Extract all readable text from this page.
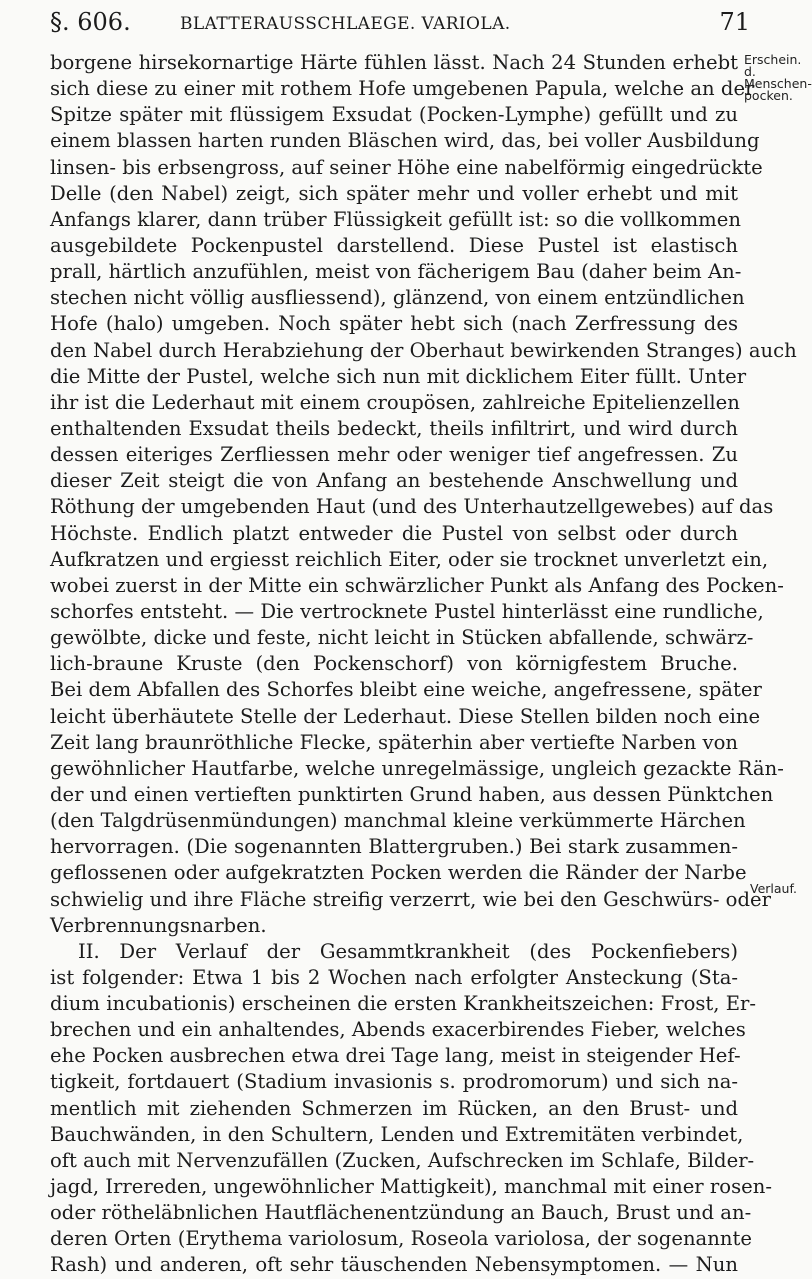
§. 606.	BLATTERAUSSCHLAEGE. VARIOLA.	71
Erschein. d.
Menschen-
pocken.
Verlauf.
borgene hirsekornartige Härte fühlen lässt. Nach 24 Stunden erhebt
sich diese zu einer mit rothem Hofe umgebenen Papula, welche an der
Spitze später mit flüssigem Exsudat (Pocken-Lymphe) gefüllt und zu
einem blassen harten runden Bläschen wird, das, bei voller Ausbildung
linsen- bis erbsengross, auf seiner Höhe eine nabelförmig eingedrückte
Delle (den Nabel) zeigt, sich später mehr und voller erhebt und mit
Anfangs klarer, dann trüber Flüssigkeit gefüllt ist: so die vollkommen
ausgebildete Pockenpustel darstellend. Diese Pustel ist elastisch
prall, härtlich anzufühlen, meist von fächerigem Bau (daher beim An-
stechen nicht völlig ausfliessend), glänzend, von einem entzündlichen
Hofe (halo) umgeben. Noch später hebt sich (nach Zerfressung des
den Nabel durch Herabziehung der Oberhaut bewirkenden Stranges) auch
die Mitte der Pustel, welche sich nun mit dicklichem Eiter füllt. Unter
ihr ist die Lederhaut mit einem croupösen, zahlreiche Epitelienzellen
enthaltenden Exsudat theils bedeckt, theils infiltrirt, und wird durch
dessen eiteriges Zerfliessen mehr oder weniger tief angefressen. Zu
dieser Zeit steigt die von Anfang an bestehende Anschwellung und
Röthung der umgebenden Haut (und des Unterhautzellgewebes) auf das
Höchste. Endlich platzt entweder die Pustel von selbst oder durch
Aufkratzen und ergiesst reichlich Eiter, oder sie trocknet unverletzt ein,
wobei zuerst in der Mitte ein schwärzlicher Punkt als Anfang des Pocken-
schorfes entsteht. — Die vertrocknete Pustel hinterlässt eine rundliche,
gewölbte, dicke und feste, nicht leicht in Stücken abfallende, schwärz-
lich-braune Kruste (den Pockenschorf) von körnigfestem Bruche.
Bei dem Abfallen des Schorfes bleibt eine weiche, angefressene, später
leicht überhäutete Stelle der Lederhaut. Diese Stellen bilden noch eine
Zeit lang braunröthliche Flecke, späterhin aber vertiefte Narben von
gewöhnlicher Hautfarbe, welche unregelmässige, ungleich gezackte Rän-
der und einen vertieften punktirten Grund haben, aus dessen Pünktchen
(den Talgdrüsenmündungen) manchmal kleine verkümmerte Härchen
hervorragen. (Die sogenannten Blattergruben.) Bei stark zusammen-
geflossenen oder aufgekratzten Pocken werden die Ränder der Narbe
schwielig und ihre Fläche streifig verzerrt, wie bei den Geschwürs- oder
Verbrennungsnarben.
II. Der Verlauf der Gesammtkrankheit (des Pockenfiebers)
ist folgender: Etwa 1 bis 2 Wochen nach erfolgter Ansteckung (Sta-
dium incubationis) erscheinen die ersten Krankheitszeichen: Frost, Er-
brechen und ein anhaltendes, Abends exacerbirendes Fieber, welches
ehe Pocken ausbrechen etwa drei Tage lang, meist in steigender Hef-
tigkeit, fortdauert (Stadium invasionis s. prodromorum) und sich na-
mentlich mit ziehenden Schmerzen im Rücken, an den Brust- und
Bauchwänden, in den Schultern, Lenden und Extremitäten verbindet,
oft auch mit Nervenzufällen (Zucken, Aufschrecken im Schlafe, Bilder-
jagd, Irrereden, ungewöhnlicher Mattigkeit), manchmal mit einer rosen-
oder rötheläbnlichen Hautflächenentzündung an Bauch, Brust und an-
deren Orten (Erythema variolosum, Roseola variolosa, der sogenannte
Rash) und anderen, oft sehr täuschenden Nebensymptomen. — Nun
